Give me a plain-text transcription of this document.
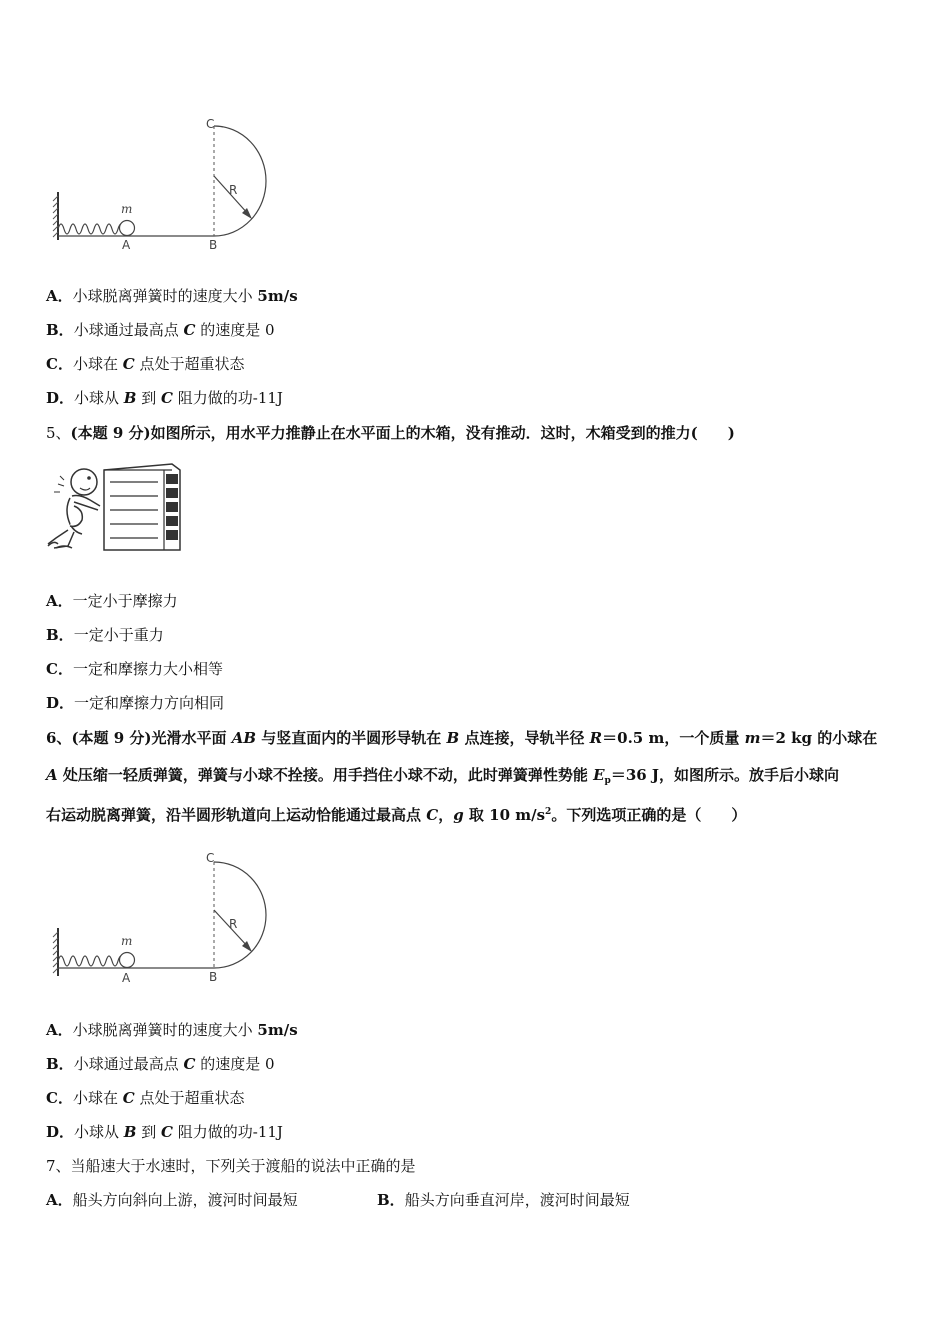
C
R
m
A	B
A．小球脱离弹簧时的速度大小 5m/s
B．小球通过最高点 C 的速度是 0
C．小球在 C 点处于超重状态
D．小球从 B 到 C 阻力做的功-11J
5、(本题 9 分)如图所示，用水平力推静止在水平面上的木箱，没有推动．这时，木箱受到的推力(　　)
A．一定小于摩擦力
B．一定小于重力
C．一定和摩擦力大小相等
D．一定和摩擦力方向相同
6、(本题 9 分)光滑水平面 AB 与竖直面内的半圆形导轨在 B 点连接，导轨半径 R＝0.5 m，一个质量 m＝2 kg 的小球在
A 处压缩一轻质弹簧，弹簧与小球不拴接。用手挡住小球不动，此时弹簧弹性势能 $E_p=36$ J，如图所示。放手后小球向
右运动脱离弹簧，沿半圆形轨道向上运动恰能通过最高点 C，g 取 10 $m/s^2$。下列选项正确的是（　　）
C
R
m
A	B
A．小球脱离弹簧时的速度大小 5m/s
B．小球通过最高点 C 的速度是 0
C．小球在 C 点处于超重状态
D．小球从 B 到 C 阻力做的功-11J
7、当船速大于水速时，下列关于渡船的说法中正确的是
A．船头方向斜向上游，渡河时间最短	B．船头方向垂直河岸，渡河时间最短
